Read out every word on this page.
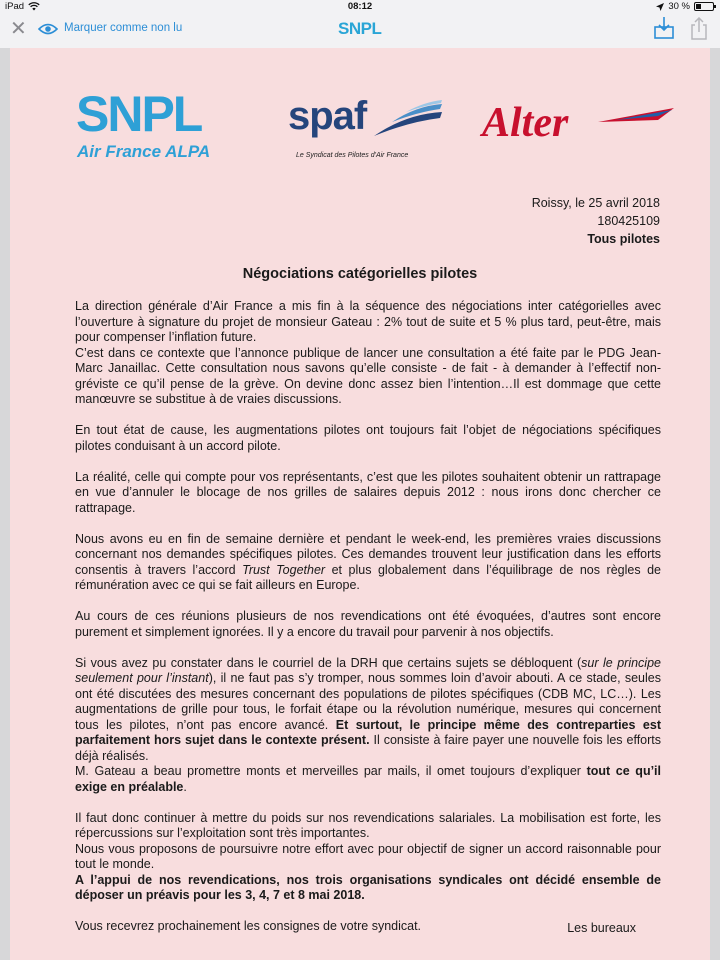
iPad	08:12	30 %
✕	Marquer comme non lu	SNPL
SNPL
Air France ALPA
spaf
Le Syndicat des Pilotes d'Air France
Alter
Roissy, le 25 avril 2018
180425109
Tous pilotes
Négociations catégorielles pilotes

La direction générale d’Air France a mis fin à la séquence des négociations inter catégorielles avec l’ouverture à signature du projet de monsieur Gateau : 2% tout de suite et 5 % plus tard, peut-être, mais pour compenser l’inflation future.

C’est dans ce contexte que l’annonce publique de lancer une consultation a été faite par le PDG Jean-Marc Janaillac. Cette consultation nous savons qu’elle consiste - de fait - à demander à l’effectif non-gréviste ce qu’il pense de la grève. On devine donc assez bien l’intention…Il est dommage que cette manœuvre se substitue à de vraies discussions.

En tout état de cause, les augmentations pilotes ont toujours fait l’objet de négociations spécifiques pilotes conduisant à un accord pilote.

La réalité, celle qui compte pour vos représentants, c’est que les pilotes souhaitent obtenir un rattrapage en vue d’annuler le blocage de nos grilles de salaires depuis 2012 : nous irons donc chercher ce rattrapage.

Nous avons eu en fin de semaine dernière et pendant le week-end, les premières vraies discussions concernant nos demandes spécifiques pilotes. Ces demandes trouvent leur justification dans les efforts consentis à travers l’accord Trust Together et plus globalement dans l’équilibrage de nos règles de rémunération avec ce qui se fait ailleurs en Europe.

Au cours de ces réunions plusieurs de nos revendications ont été évoquées, d’autres sont encore purement et simplement ignorées. Il y a encore du travail pour parvenir à nos objectifs.

Si vous avez pu constater dans le courriel de la DRH que certains sujets se débloquent (sur le principe seulement pour l’instant), il ne faut pas s’y tromper, nous sommes loin d’avoir abouti. A ce stade, seules ont été discutées des mesures concernant des populations de pilotes spécifiques (CDB MC, LC…). Les augmentations de grille pour tous, le forfait étape ou la révolution numérique, mesures qui concernent tous les pilotes, n’ont pas encore avancé. Et surtout, le principe même des contreparties est parfaitement hors sujet dans le contexte présent. Il consiste à faire payer une nouvelle fois les efforts déjà réalisés.

M. Gateau a beau promettre monts et merveilles par mails, il omet toujours d’expliquer tout ce qu’il exige en préalable.

Il faut donc continuer à mettre du poids sur nos revendications salariales. La mobilisation est forte, les répercussions sur l’exploitation sont très importantes.

Nous vous proposons de poursuivre notre effort avec pour objectif de signer un accord raisonnable pour tout le monde.

A l’appui de nos revendications, nos trois organisations syndicales ont décidé ensemble de déposer un préavis pour les 3, 4, 7 et 8 mai 2018.

Vous recevrez prochainement les consignes de votre syndicat.	Les bureaux
